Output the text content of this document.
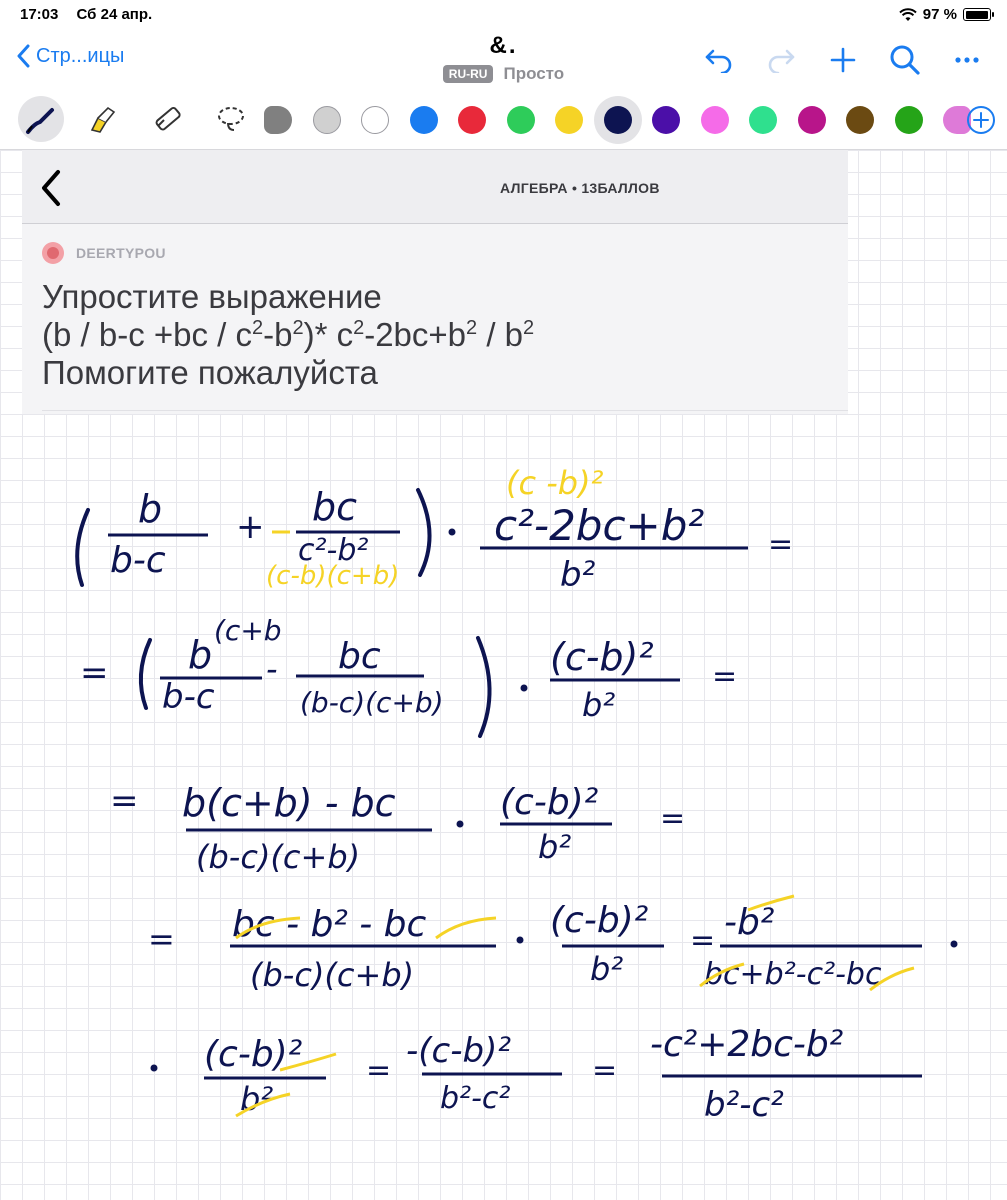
17:03 Сб 24 апр.	97 %
Стр...ицы	&.
RU-RU Просто
АЛГЕБРА • 13БАЛЛОВ
DEERTYPOU
Упростите выражение
$(b / b-c +bc / c^2-b^2)*$ $c^2-2bc+b^2 / b^2$
Помогите пожалуйста
b
b-c
+ bc
c²-b²
c²-2bc+b²
b²
=
(c -b)²
(c-b)(c+b)
= b
(c+b
b-c
- bc
(b-c)(c+b)
(c-b)²
b²
=
= b(c+b) - bc
(b-c)(c+b)
(c-b)²
b²
=
= bc - b² - bc
(b-c)(c+b)
(c-b)²
b²
= -b²
bc+b²-c²-bc
(c-b)²
b²
= -(c-b)²
b²-c²
=
-c²+2bc-b²
b²-c²
